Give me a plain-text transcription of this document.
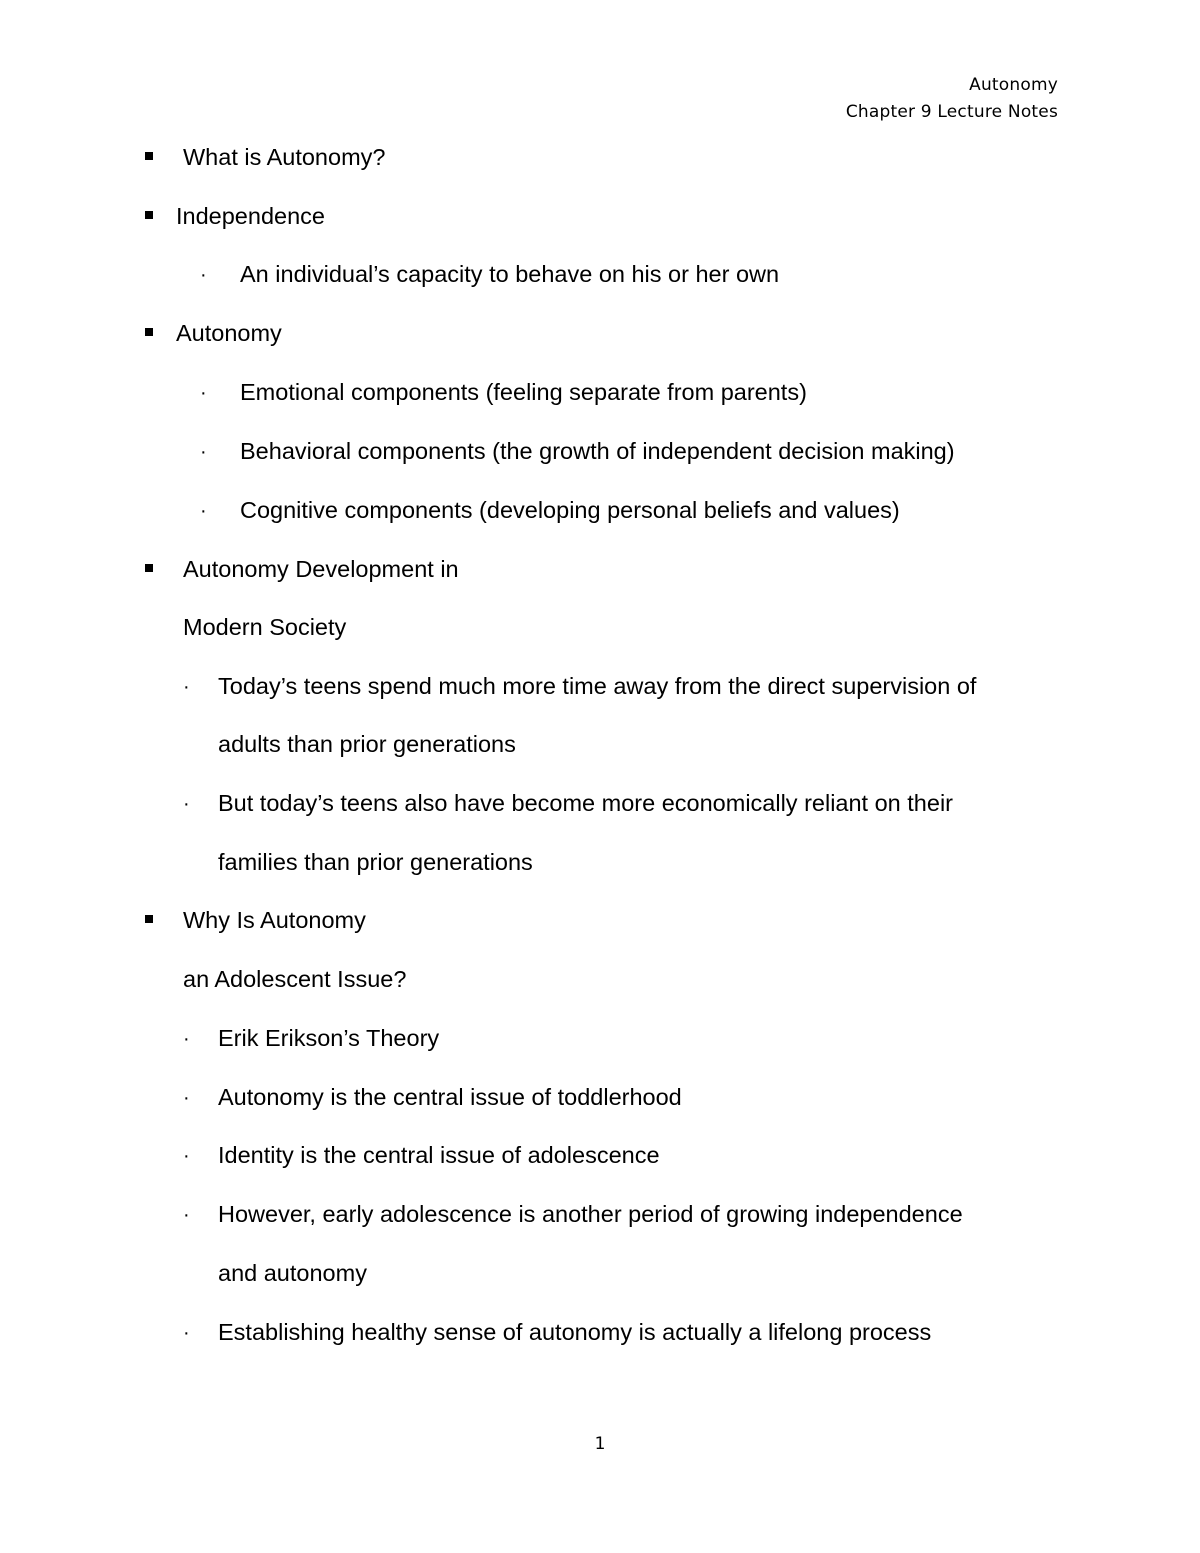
Autonomy
Chapter 9 Lecture Notes
What is Autonomy?
Independence
· An individual’s capacity to behave on his or her own
Autonomy
· Emotional components (feeling separate from parents)
· Behavioral components (the growth of independent decision making)
· Cognitive components (developing personal beliefs and values)
Autonomy Development in
Modern Society
· Today’s teens spend much more time away from the direct supervision of
adults than prior generations
· But today’s teens also have become more economically reliant on their
families than prior generations
Why Is Autonomy
an Adolescent Issue?
· Erik Erikson’s Theory
· Autonomy is the central issue of toddlerhood
· Identity is the central issue of adolescence
· However, early adolescence is another period of growing independence
and autonomy
· Establishing healthy sense of autonomy is actually a lifelong process
1
